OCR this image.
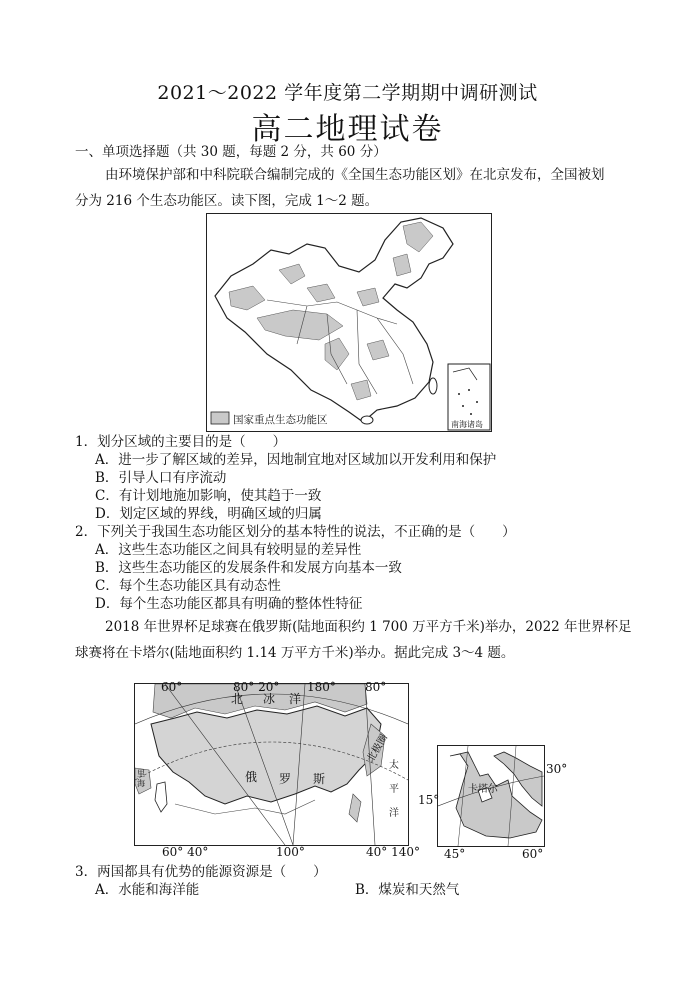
2021～2022 学年度第二学期期中调研测试
高二地理试卷
一、单项选择题（共 30 题，每题 2 分，共 60 分）
由环境保护部和中科院联合编制完成的《全国生态功能区划》在北京发布，全国被划
分为 216 个生态功能区。读下图，完成 1～2 题。
国家重点生态功能区	南海诸岛
1．划分区域的主要目的是（　　）
A．进一步了解区域的差异，因地制宜地对区域加以开发利用和保护
B．引导人口有序流动
C．有计划地施加影响，使其趋于一致
D．划定区域的界线，明确区域的归属
2．下列关于我国生态功能区划分的基本特性的说法，不正确的是（　　）
A．这些生态功能区之间具有较明显的差异性
B．这些生态功能区的发展条件和发展方向基本一致
C．每个生态功能区具有动态性
D．每个生态功能区都具有明确的整体性特征
2018 年世界杯足球赛在俄罗斯(陆地面积约 1 700 万平方千米)举办，2022 年世界杯足
球赛将在卡塔尔(陆地面积约 1.14 万平方千米)举办。据此完成 3～4 题。
60°	80° 20° 180° 80°
北 冰 洋
北极圈
俄 罗 斯
太
平
洋
里
海
60° 40°	100°	40° 140°
卡塔尔
30°
15°
45°	60°
3．两国都具有优势的能源资源是（　　）
A．水能和海洋能	B．煤炭和天然气
